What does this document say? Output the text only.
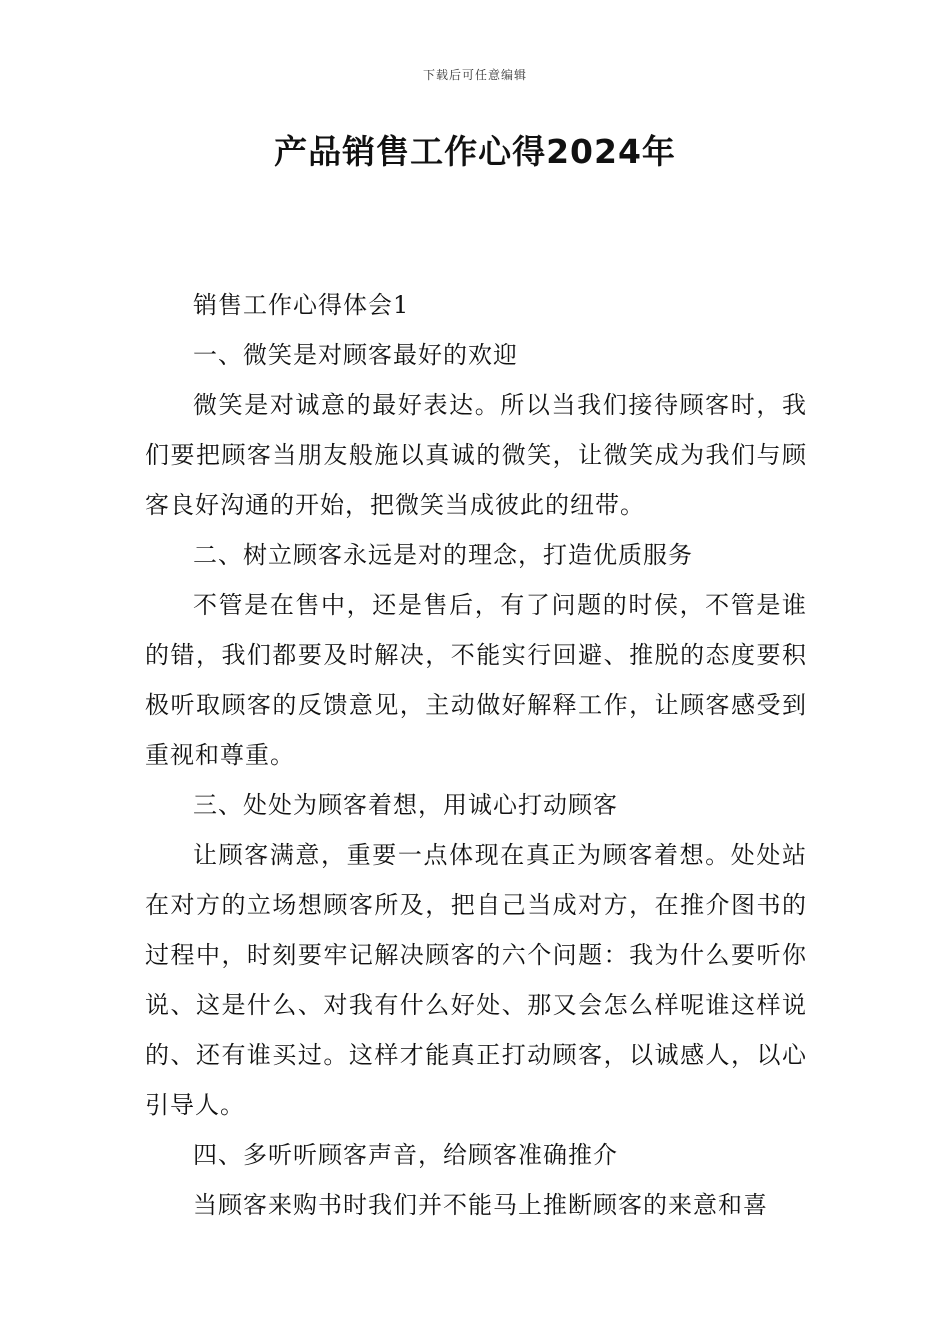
下载后可任意编辑
产品销售工作心得2024年

销售工作心得体会1

一、微笑是对顾客最好的欢迎

微笑是对诚意的最好表达。所以当我们接待顾客时，我们要把顾客当朋友般施以真诚的微笑，让微笑成为我们与顾客良好沟通的开始，把微笑当成彼此的纽带。

二、树立顾客永远是对的理念，打造优质服务

不管是在售中，还是售后，有了问题的时侯，不管是谁的错，我们都要及时解决，不能实行回避、推脱的态度要积极听取顾客的反馈意见，主动做好解释工作，让顾客感受到重视和尊重。

三、处处为顾客着想，用诚心打动顾客

让顾客满意，重要一点体现在真正为顾客着想。处处站在对方的立场想顾客所及，把自己当成对方，在推介图书的过程中，时刻要牢记解决顾客的六个问题：我为什么要听你说、这是什么、对我有什么好处、那又会怎么样呢谁这样说的、还有谁买过。这样才能真正打动顾客，以诚感人，以心引导人。

四、多听听顾客声音，给顾客准确推介

当顾客来购书时我们并不能马上推断顾客的来意和喜
